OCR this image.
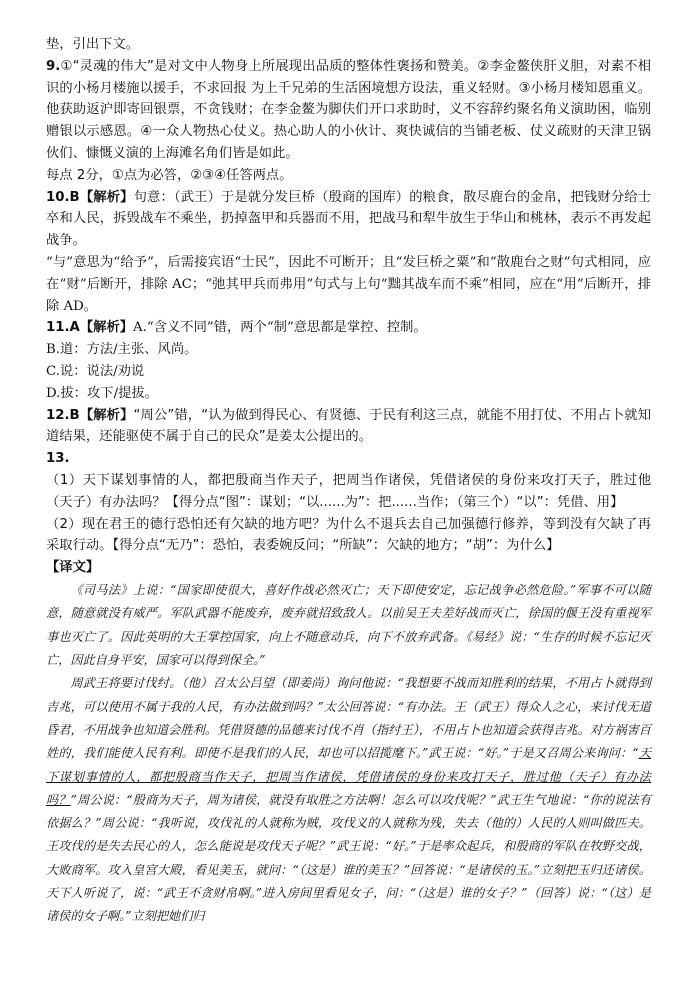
垫，引出下文。

9.①“灵魂的伟大”是对文中人物身上所展现出品质的整体性褒扬和赞美。②李金鳌侠肝义胆，对素不相识的小杨月楼施以援手，不求回报 为上千兄弟的生活困境想方设法，重义轻财。③小杨月楼知恩重义。他获助返沪即寄回银票，不贪钱财；在李金鳌为脚伕们开口求助时，义不容辞约聚名角义演助困，临别赠银以示感恩。④一众人物热心仗义。热心助人的小伙计、爽快诚信的当铺老板、仗义疏财的天津卫锅伙们、慷慨义演的上海滩名角们皆是如此。

每点 2分，①点为必答，②③④任答两点。

10.B【解析】句意：（武王）于是就分发巨桥（殷商的国库）的粮食，散尽鹿台的金帛，把钱财分给士卒和人民，拆毁战车不乘坐，扔掉盔甲和兵器而不用，把战马和犁牛放生于华山和桃林，表示不再发起战争。

“与”意思为“给予”，后需接宾语“士民”，因此不可断开；且“发巨桥之粟”和“散鹿台之财”句式相同，应在“财”后断开，排除 AC；“弛其甲兵而弗用”句式与上句“黜其战车而不乘”相同，应在“用”后断开，排除 AD。

11.A【解析】A.“含义不同”错，两个“制”意思都是掌控、控制。

B.道：方法/主张、风尚。

C.说：说法/劝说

D.拔：攻下/提拔。

12.B【解析】“周公”错，“认为做到得民心、有贤德、于民有利这三点，就能不用打仗、不用占卜就知道结果，还能驱使不属于自己的民众”是姜太公提出的。

13.

（1）天下谋划事情的人，都把殷商当作天子，把周当作诸侯，凭借诸侯的身份来攻打天子，胜过他（天子）有办法吗？【得分点“图”：谋划；“以......为”：把......当作；（第三个）“以”：凭借、用】

（2）现在君王的德行恐怕还有欠缺的地方吧？为什么不退兵去自己加强德行修养，等到没有欠缺了再采取行动。【得分点“无乃”：恐怕，表委婉反问；“所缺”：欠缺的地方；“胡”：为什么】

【译文】

《司马法》上说：“国家即使很大，喜好作战必然灭亡；天下即使安定，忘记战争必然危险。”军事不可以随意，随意就没有威严。军队武器不能废弃，废弃就招致敌人。以前吴王夫差好战而灭亡，徐国的偃王没有重视军事也灭亡了。因此英明的大王掌控国家，向上不随意动兵，向下不放弃武备。《易经》说：“生存的时候不忘记灭亡，因此自身平安，国家可以得到保全。”

周武王将要讨伐纣。（他）召太公吕望（即姜尚）询问他说：“我想要不战而知胜利的结果，不用占卜就得到吉兆，可以使用不属于我的人民，有办法做到吗？”太公回答说：“有办法。王（武王）得众人之心，来讨伐无道昏君，不用战争也知道会胜利。凭借贤德的品德来讨伐不肖（指纣王），不用占卜也知道会获得吉兆。对方祸害百姓的，我们能使人民有利。即使不是我们的人民，却也可以招揽麾下。”武王说：“好。”于是又召周公来询问：“天下谋划事情的人，都把殷商当作天子，把周当作诸侯，凭借诸侯的身份来攻打天子，胜过他（天子）有办法吗？”周公说：“殷商为天子，周为诸侯，就没有取胜之方法啊！怎么可以攻伐呢？”武王生气地说：“你的说法有依据么？”周公说：“我听说，攻伐礼的人就称为贼，攻伐义的人就称为残，失去（他的）人民的人则叫做匹夫。王攻伐的是失去民心的人，怎么能说是攻伐天子呢？”武王说：“好。”于是率众起兵，和殷商的军队在牧野交战，大败商军。攻入皇宫大殿，看见美玉，就问：“（这是）谁的美玉？”回答说：“是诸侯的玉。”立刻把玉归还诸侯。天下人听说了，说：“武王不贪财帛啊。”进入房间里看见女子，问：“（这是）谁的女子？”（回答）说：“（这）是诸侯的女子啊。”立刻把她们归
